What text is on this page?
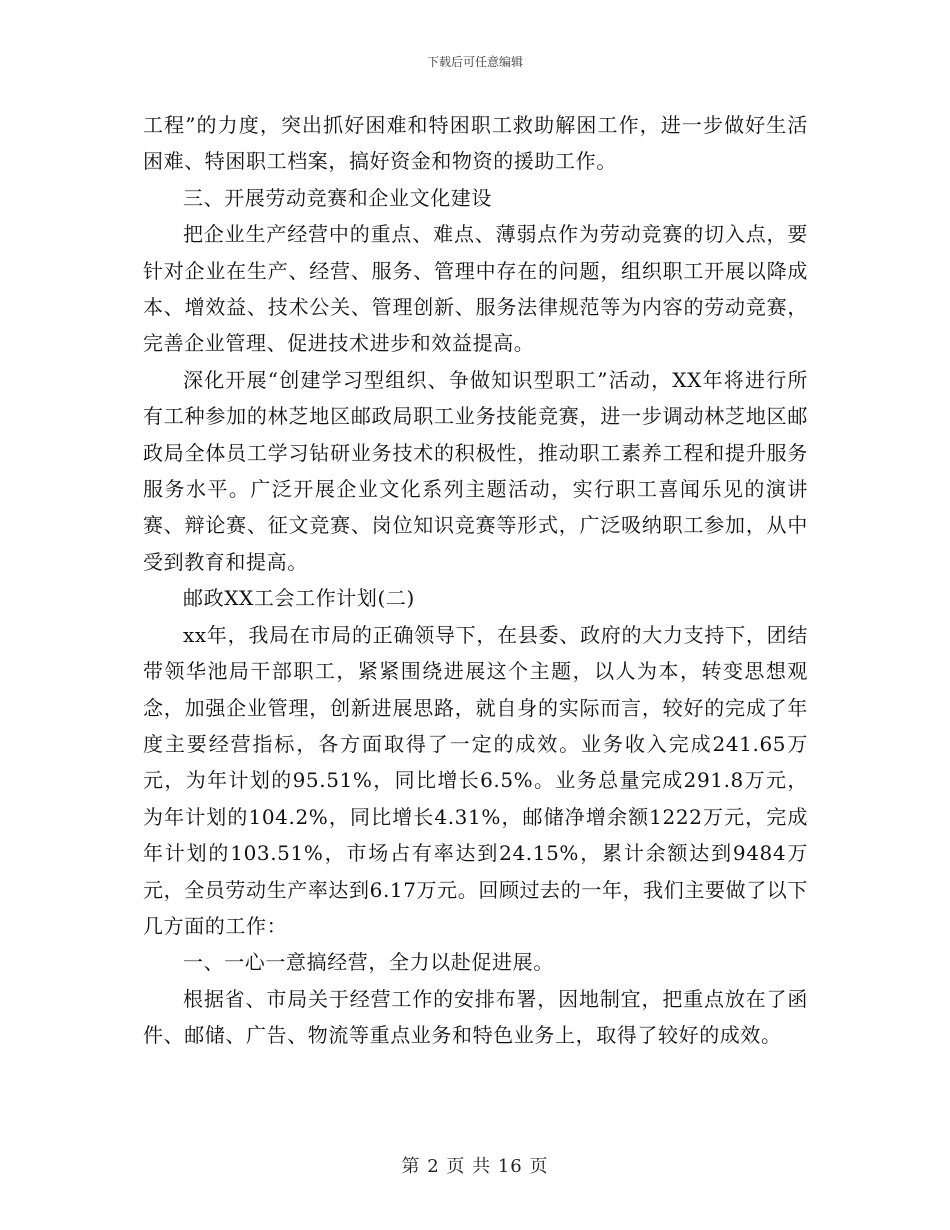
下载后可任意编辑

工程”的力度，突出抓好困难和特困职工救助解困工作，进一步做好生活困难、特困职工档案，搞好资金和物资的援助工作。

三、开展劳动竞赛和企业文化建设

把企业生产经营中的重点、难点、薄弱点作为劳动竞赛的切入点，要针对企业在生产、经营、服务、管理中存在的问题，组织职工开展以降成本、增效益、技术公关、管理创新、服务法律规范等为内容的劳动竞赛，完善企业管理、促进技术进步和效益提高。

深化开展“创建学习型组织、争做知识型职工”活动，XX年将进行所有工种参加的林芝地区邮政局职工业务技能竞赛，进一步调动林芝地区邮政局全体员工学习钻研业务技术的积极性，推动职工素养工程和提升服务服务水平。广泛开展企业文化系列主题活动，实行职工喜闻乐见的演讲赛、辩论赛、征文竞赛、岗位知识竞赛等形式，广泛吸纳职工参加，从中受到教育和提高。

邮政XX工会工作计划(二)

xx年，我局在市局的正确领导下，在县委、政府的大力支持下，团结带领华池局干部职工，紧紧围绕进展这个主题，以人为本，转变思想观念，加强企业管理，创新进展思路，就自身的实际而言，较好的完成了年度主要经营指标，各方面取得了一定的成效。业务收入完成241.65万元，为年计划的95.51%，同比增长6.5%。业务总量完成291.8万元，为年计划的104.2%，同比增长4.31%，邮储净增余额1222万元，完成年计划的103.51%，市场占有率达到24.15%，累计余额达到9484万元，全员劳动生产率达到6.17万元。回顾过去的一年，我们主要做了以下几方面的工作：

一、一心一意搞经营，全力以赴促进展。

根据省、市局关于经营工作的安排布署，因地制宜，把重点放在了函件、邮储、广告、物流等重点业务和特色业务上，取得了较好的成效。

第 2 页 共 16 页
